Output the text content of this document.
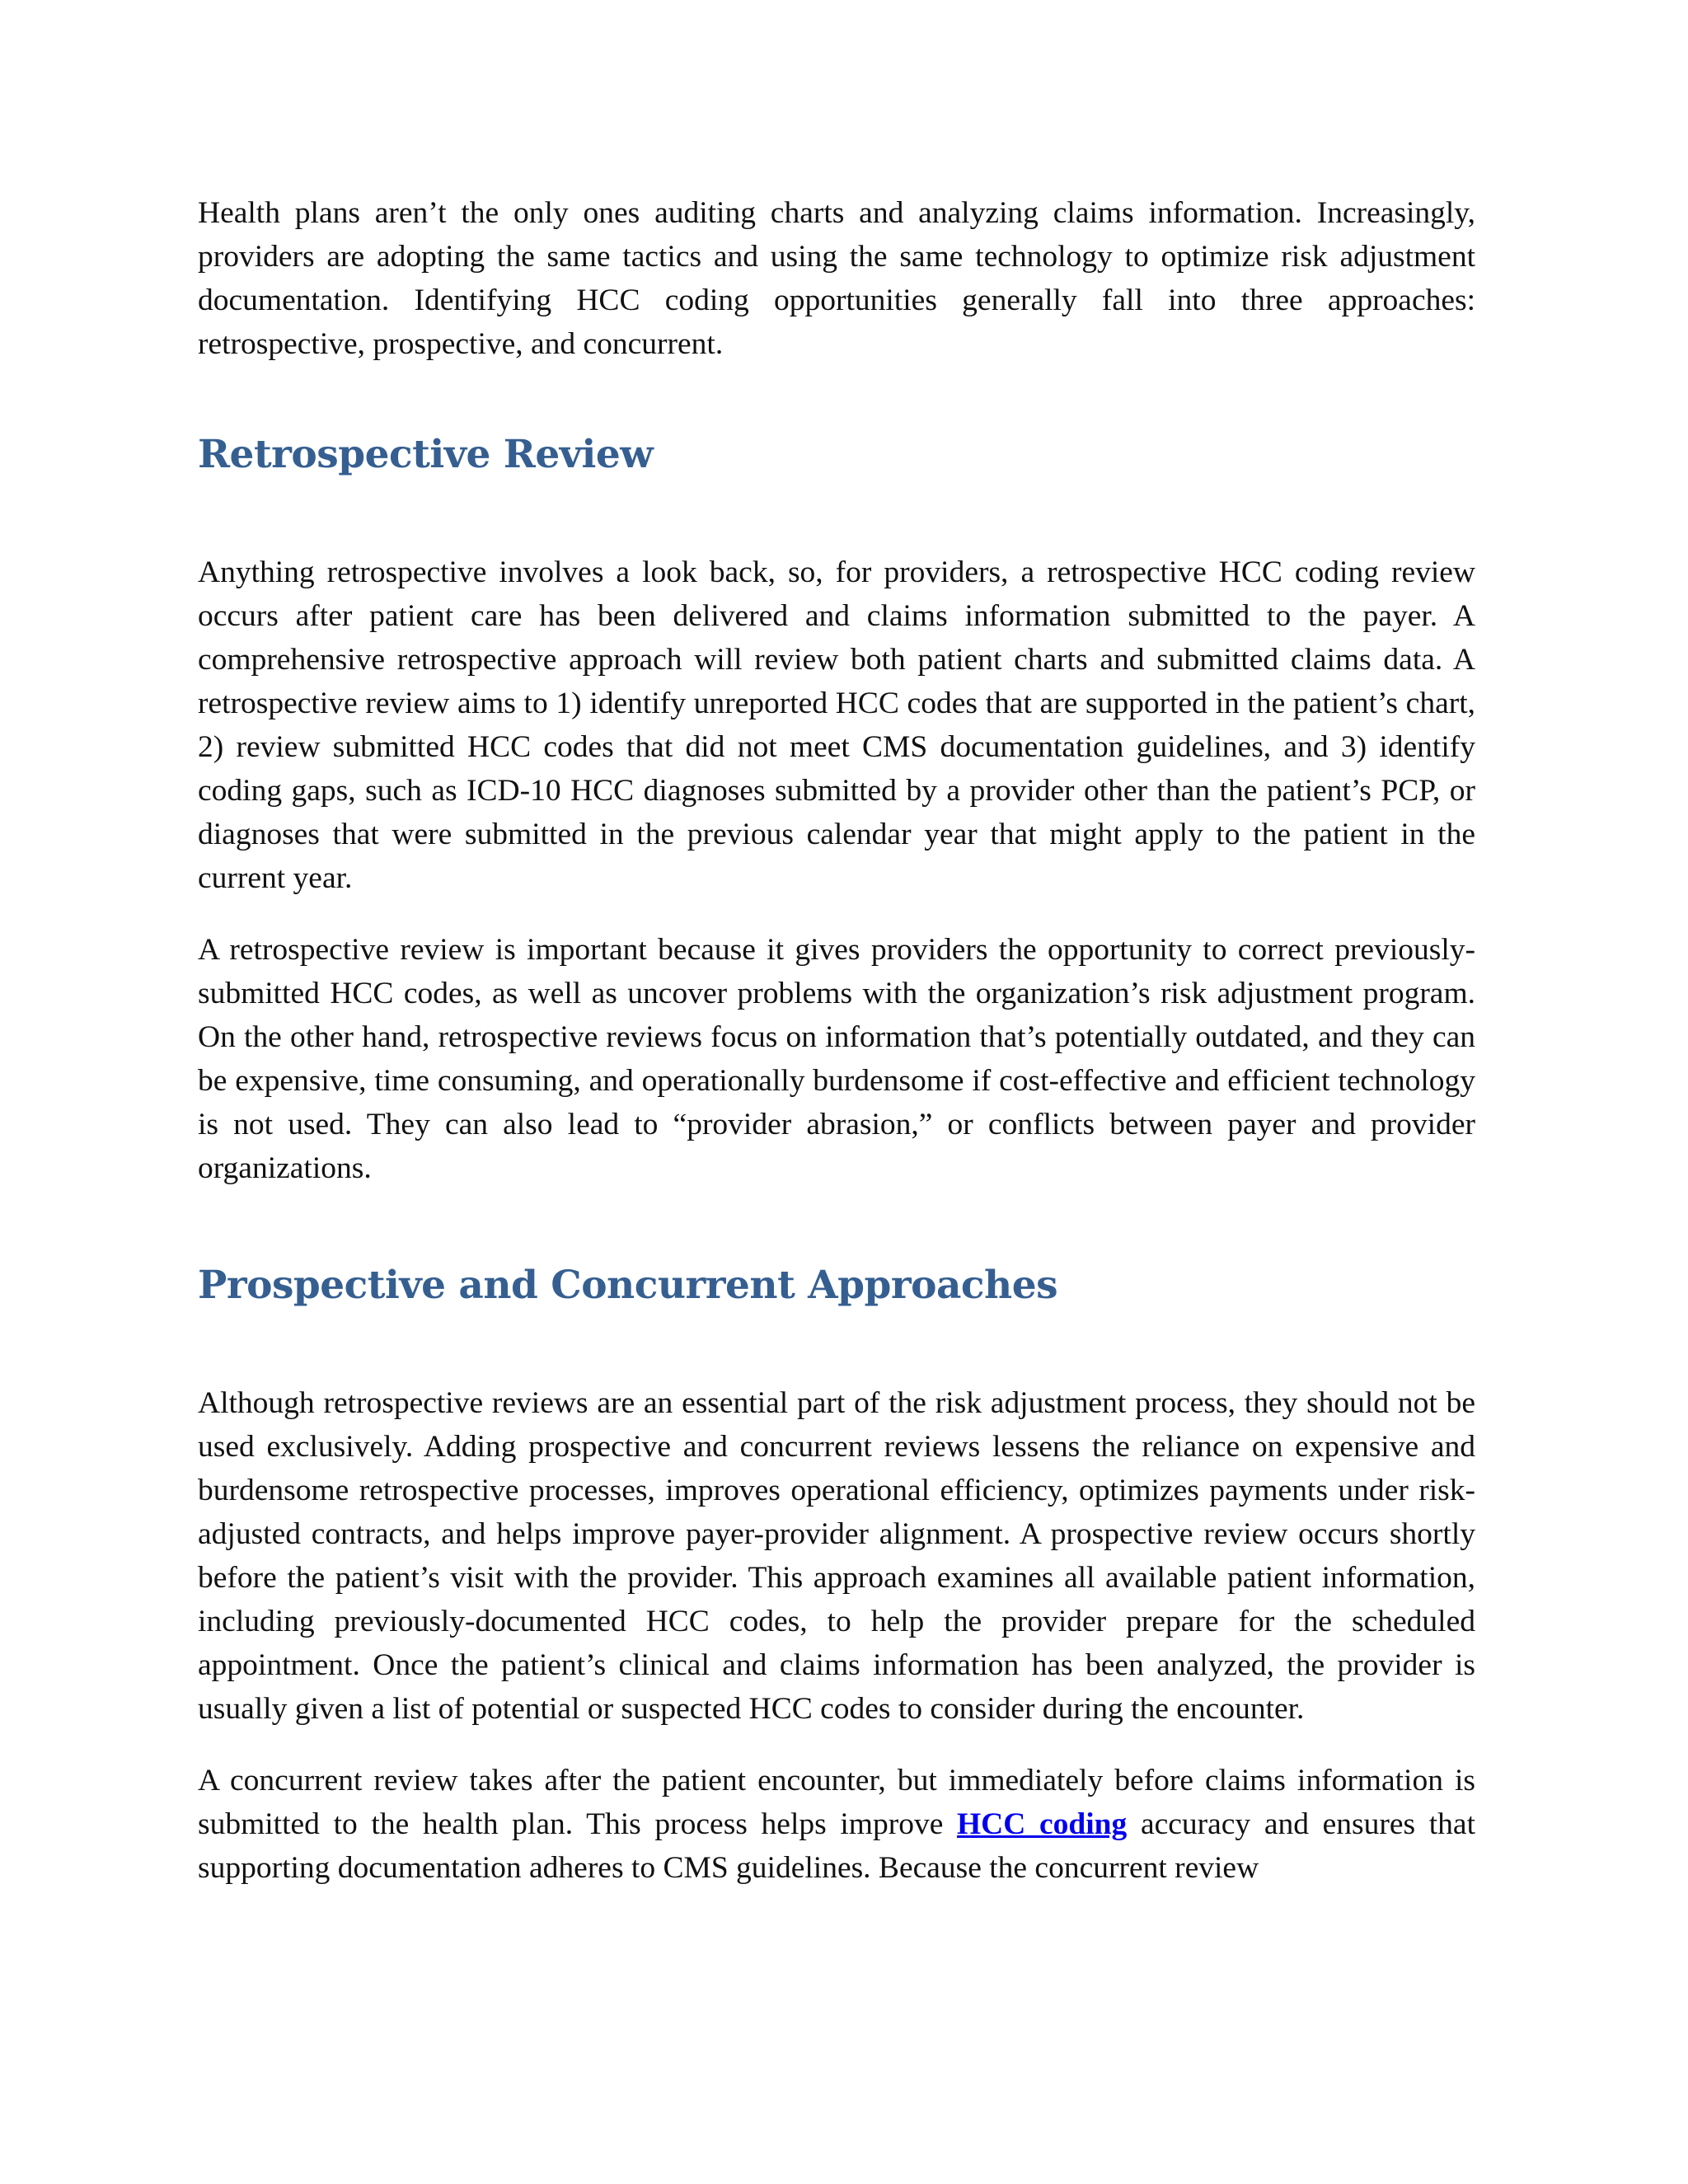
Health plans aren’t the only ones auditing charts and analyzing claims information. Increasingly, providers are adopting the same tactics and using the same technology to optimize risk adjustment documentation. Identifying HCC coding opportunities generally fall into three approaches: retrospective, prospective, and concurrent.

Retrospective Review

Anything retrospective involves a look back, so, for providers, a retrospective HCC coding review occurs after patient care has been delivered and claims information submitted to the payer. A comprehensive retrospective approach will review both patient charts and submitted claims data. A retrospective review aims to 1) identify unreported HCC codes that are supported in the patient’s chart, 2) review submitted HCC codes that did not meet CMS documentation guidelines, and 3) identify coding gaps, such as ICD-10 HCC diagnoses submitted by a provider other than the patient’s PCP, or diagnoses that were submitted in the previous calendar year that might apply to the patient in the current year.

A retrospective review is important because it gives providers the opportunity to correct previously-submitted HCC codes, as well as uncover problems with the organization’s risk adjustment program. On the other hand, retrospective reviews focus on information that’s potentially outdated, and they can be expensive, time consuming, and operationally burdensome if cost-effective and efficient technology is not used. They can also lead to “provider abrasion,” or conflicts between payer and provider organizations.

Prospective and Concurrent Approaches

Although retrospective reviews are an essential part of the risk adjustment process, they should not be used exclusively. Adding prospective and concurrent reviews lessens the reliance on expensive and burdensome retrospective processes, improves operational efficiency, optimizes payments under risk-adjusted contracts, and helps improve payer-provider alignment. A prospective review occurs shortly before the patient’s visit with the provider. This approach examines all available patient information, including previously-documented HCC codes, to help the provider prepare for the scheduled appointment. Once the patient’s clinical and claims information has been analyzed, the provider is usually given a list of potential or suspected HCC codes to consider during the encounter.

A concurrent review takes after the patient encounter, but immediately before claims information is submitted to the health plan. This process helps improve HCC coding accuracy and ensures that supporting documentation adheres to CMS guidelines. Because the concurrent review
